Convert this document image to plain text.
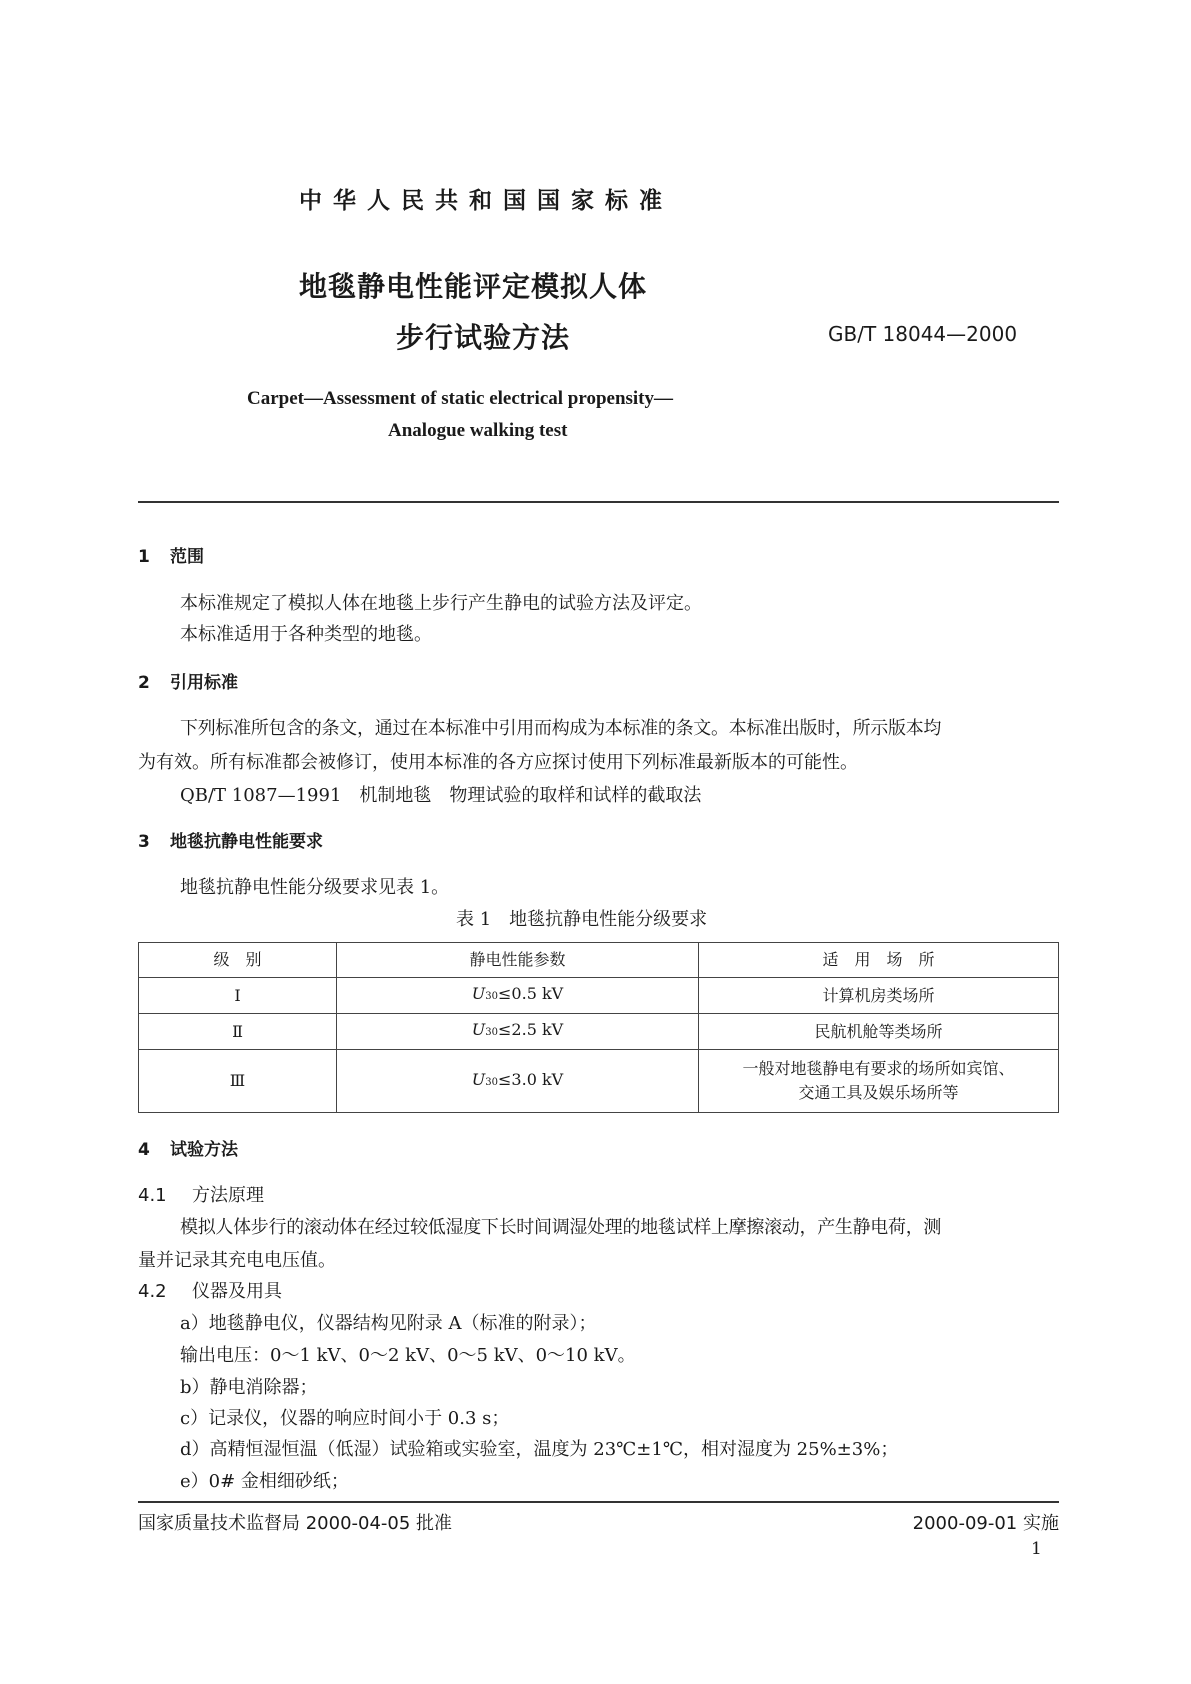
中华人民共和国国家标准
地毯静电性能评定模拟人体
步行试验方法	GB/T 18044—2000
Carpet—Assessment of static electrical propensity—
Analogue walking test
1 范围
本标准规定了模拟人体在地毯上步行产生静电的试验方法及评定。
本标准适用于各种类型的地毯。
2 引用标准
下列标准所包含的条文，通过在本标准中引用而构成为本标准的条文。本标准出版时，所示版本均
为有效。所有标准都会被修订，使用本标准的各方应探讨使用下列标准最新版本的可能性。
QB/T 1087—1991　机制地毯　物理试验的取样和试样的截取法
3 地毯抗静电性能要求
地毯抗静电性能分级要求见表 1。
表 1　地毯抗静电性能分级要求
级　别	静电性能参数	适　用　场　所
Ⅰ	U30≤0.5 kV	计算机房类场所
Ⅱ	U30≤2.5 kV	民航机舱等类场所
Ⅲ	U30≤3.0 kV	一般对地毯静电有要求的场所如宾馆、
交通工具及娱乐场所等
4 试验方法
4.1 方法原理
模拟人体步行的滚动体在经过较低湿度下长时间调湿处理的地毯试样上摩擦滚动，产生静电荷，测
量并记录其充电电压值。
4.2 仪器及用具
a）地毯静电仪，仪器结构见附录 A（标准的附录）；
输出电压：0～1 kV、0～2 kV、0～5 kV、0～10 kV。
b）静电消除器；
c）记录仪，仪器的响应时间小于 0.3 s；
d）高精恒湿恒温（低湿）试验箱或实验室，温度为 23℃±1℃，相对湿度为 25%±3%；
e）0# 金相细砂纸；
国家质量技术监督局 2000-04-05 批准	2000-09-01 实施
1
